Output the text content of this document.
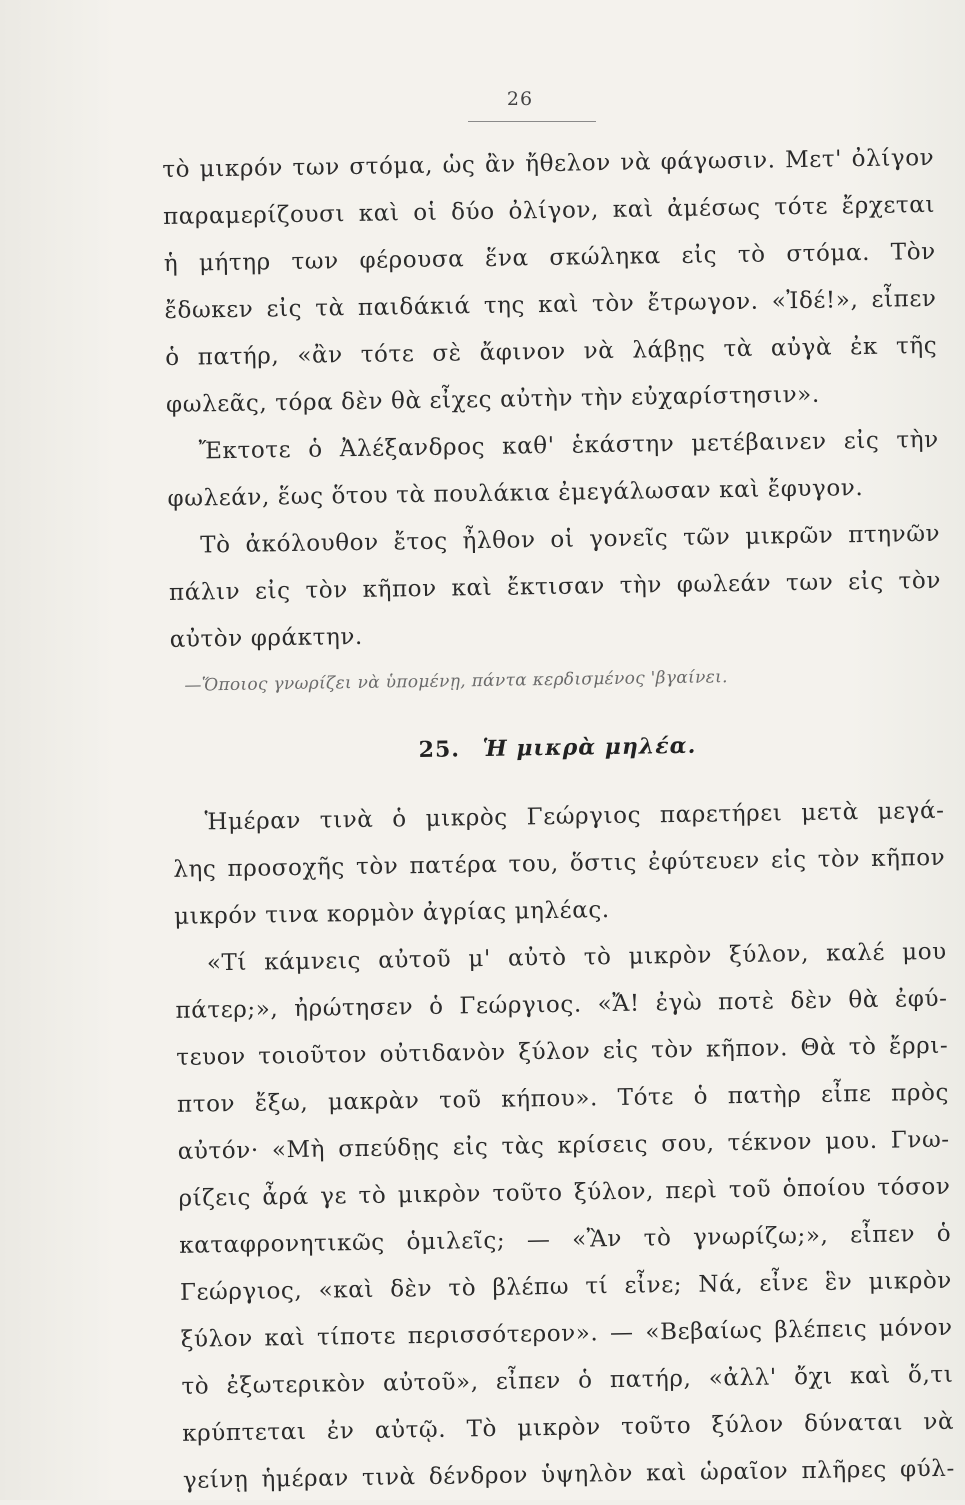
26
τὸ μικρόν των στόμα, ὡς ἂν ἤθελον νὰ φάγωσιν. Μετ' ὀλίγον
παραμερίζουσι καὶ οἱ δύο ὀλίγον, καὶ ἀμέσως τότε ἔρχεται
ἡ μήτηρ των φέρουσα ἕνα σκώληκα εἰς τὸ στόμα. Τὸν
ἔδωκεν εἰς τὰ παιδάκιά της καὶ τὸν ἔτρωγον. «Ἰδέ!», εἶπεν
ὁ πατήρ, «ἂν τότε σὲ ἄφινον νὰ λάβῃς τὰ αὐγὰ ἐκ τῆς
φωλεᾶς, τόρα δὲν θὰ εἶχες αὐτὴν τὴν εὐχαρίστησιν».
Ἔκτοτε ὁ Ἀλέξανδρος καθ' ἑκάστην μετέβαινεν εἰς τὴν
φωλεάν, ἕως ὅτου τὰ πουλάκια ἐμεγάλωσαν καὶ ἔφυγον.
Τὸ ἀκόλουθον ἔτος ἦλθον οἱ γονεῖς τῶν μικρῶν πτηνῶν
πάλιν εἰς τὸν κῆπον καὶ ἔκτισαν τὴν φωλεάν των εἰς τὸν
αὐτὸν φράκτην.
—Ὅποιος γνωρίζει νὰ ὑπομένῃ, πάντα κερδισμένος 'βγαίνει.
25. Ἡ μικρὰ μηλέα.
Ἡμέραν τινὰ ὁ μικρὸς Γεώργιος παρετήρει μετὰ μεγά-
λης προσοχῆς τὸν πατέρα του, ὅστις ἐφύτευεν εἰς τὸν κῆπον
μικρόν τινα κορμὸν ἀγρίας μηλέας.
«Τί κάμνεις αὐτοῦ μ' αὐτὸ τὸ μικρὸν ξύλον, καλέ μου
πάτερ;», ἠρώτησεν ὁ Γεώργιος. «Ἄ! ἐγὼ ποτὲ δὲν θὰ ἐφύ-
τευον τοιοῦτον οὐτιδανὸν ξύλον εἰς τὸν κῆπον. Θὰ τὸ ἔρρι-
πτον ἔξω, μακρὰν τοῦ κήπου». Τότε ὁ πατὴρ εἶπε πρὸς
αὐτόν· «Μὴ σπεύδῃς εἰς τὰς κρίσεις σου, τέκνον μου. Γνω-
ρίζεις ἆρά γε τὸ μικρὸν τοῦτο ξύλον, περὶ τοῦ ὁποίου τόσον
καταφρονητικῶς ὁμιλεῖς; — «Ἂν τὸ γνωρίζω;», εἶπεν ὁ
Γεώργιος, «καὶ δὲν τὸ βλέπω τί εἶνε; Νά, εἶνε ἓν μικρὸν
ξύλον καὶ τίποτε περισσότερον». — «Βεβαίως βλέπεις μόνον
τὸ ἐξωτερικὸν αὐτοῦ», εἶπεν ὁ πατήρ, «ἀλλ' ὄχι καὶ ὅ,τι
κρύπτεται ἐν αὐτῷ. Τὸ μικρὸν τοῦτο ξύλον δύναται νὰ
γείνῃ ἡμέραν τινὰ δένδρον ὑψηλὸν καὶ ὡραῖον πλῆρες φύλ-
